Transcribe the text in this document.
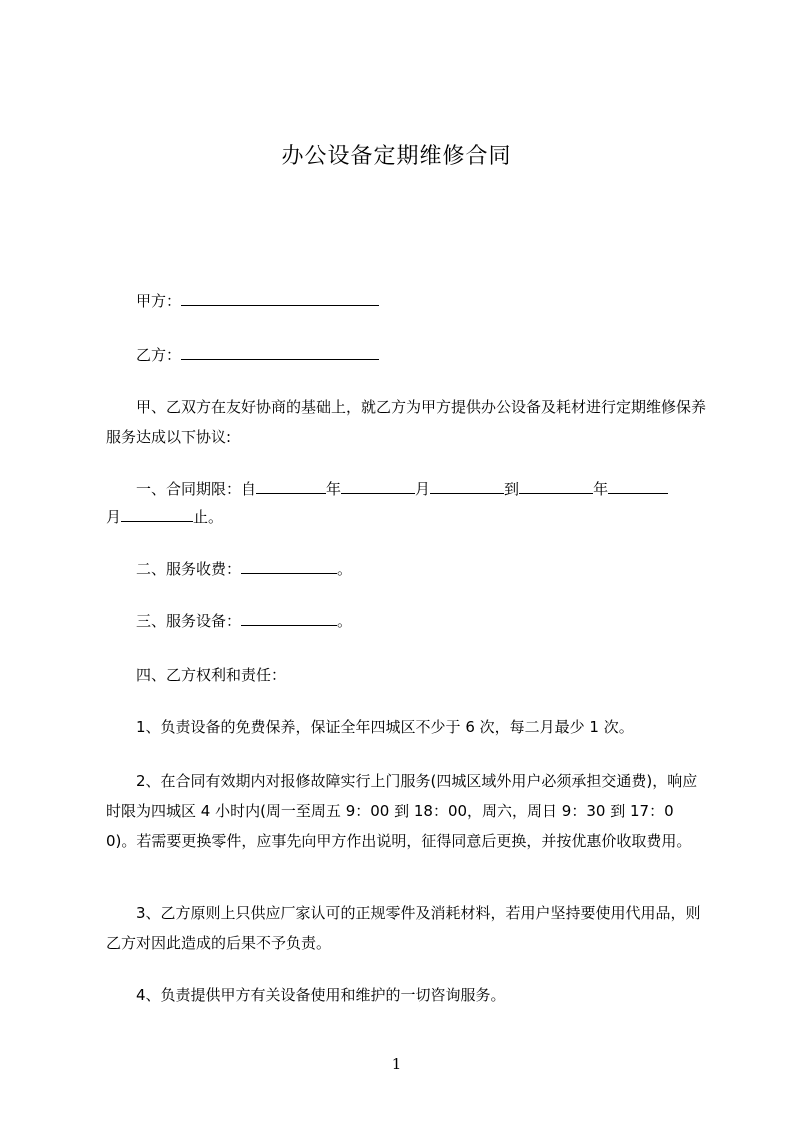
办公设备定期维修合同
甲方：
乙方：
甲、乙双方在友好协商的基础上，就乙方为甲方提供办公设备及耗材进行定期维修保养服务达成以下协议:
一、合同期限：自	年	月	到	年
月	止。
二、服务收费：	。
三、服务设备：	。
四、乙方权利和责任：
1、负责设备的免费保养，保证全年四城区不少于 6 次，每二月最少 1 次。
2、在合同有效期内对报修故障实行上门服务(四城区域外用户必须承担交通费)，响应时限为四城区 4 小时内(周一至周五 9：00 到 18：00，周六，周日 9：30 到 17：00)。若需要更换零件，应事先向甲方作出说明，征得同意后更换，并按优惠价收取费用。
3、乙方原则上只供应厂家认可的正规零件及消耗材料，若用户坚持要使用代用品，则乙方对因此造成的后果不予负责。
4、负责提供甲方有关设备使用和维护的一切咨询服务。
1
